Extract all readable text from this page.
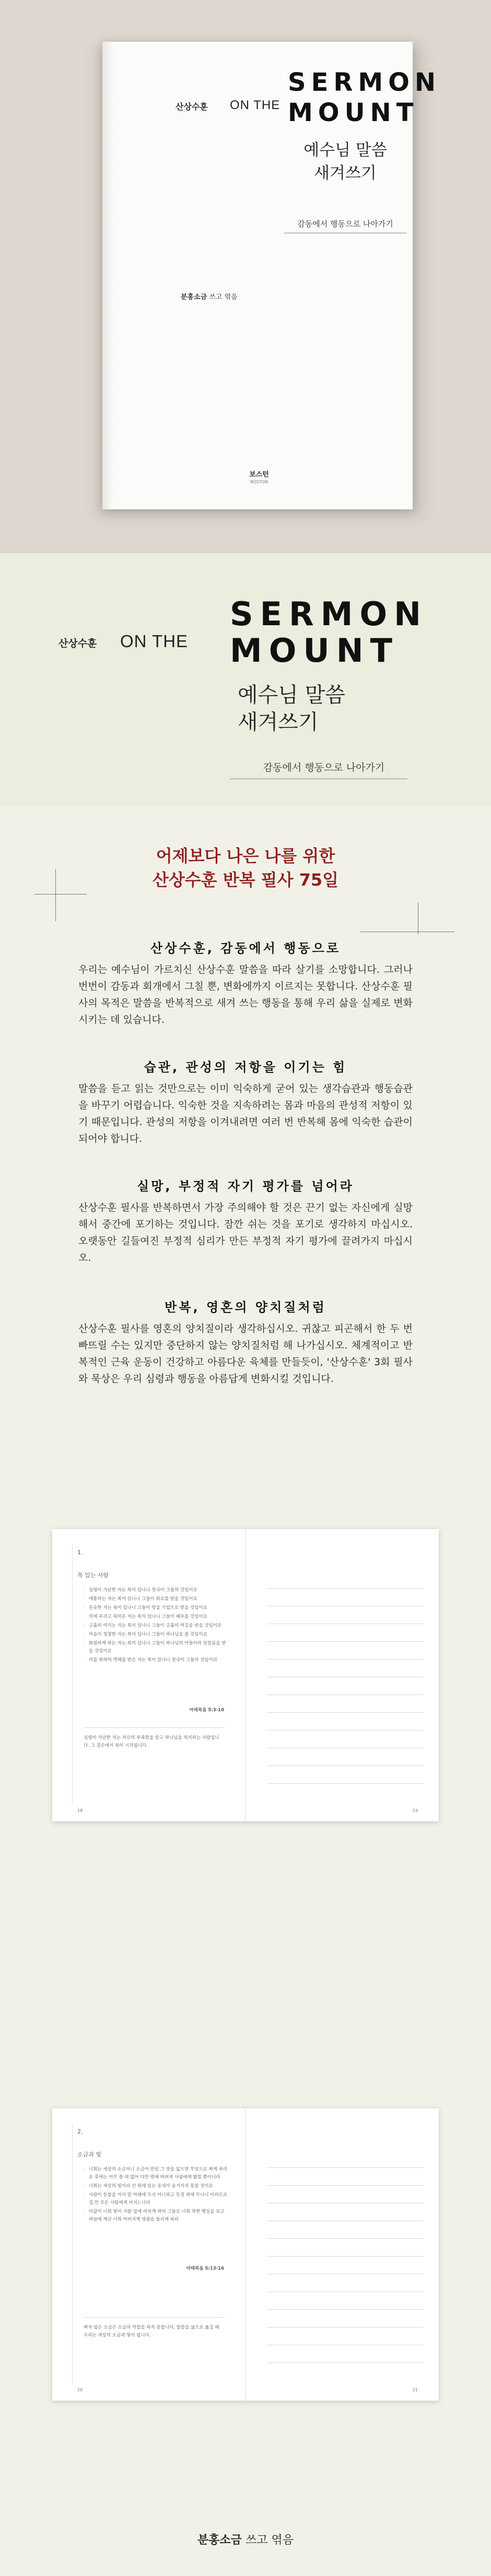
산상수훈 ON THE
SERMON
MOUNT
예수님 말씀
새겨쓰기
감동에서 행동으로 나아가기
분홍소금 쓰고 엮음
보스턴
BOSTON
산상수훈 ON THE
SERMON
MOUNT
예수님 말씀
새겨쓰기
감동에서 행동으로 나아가기
어제보다 나은 나를 위한
산상수훈 반복 필사 75일
산상수훈, 감동에서 행동으로

우리는 예수님이 가르치신 산상수훈 말씀을 따라 살기를 소망합니다. 그러나 번번이 감동과 회개에서 그칠 뿐, 변화에까지 이르지는 못합니다. 산상수훈 필사의 목적은 말씀을 반복적으로 새겨 쓰는 행동을 통해 우리 삶을 실제로 변화시키는 데 있습니다.

습관, 관성의 저항을 이기는 힘

말씀을 듣고 읽는 것만으로는 이미 익숙하게 굳어 있는 생각습관과 행동습관을 바꾸기 어렵습니다. 익숙한 것을 지속하려는 몸과 마음의 관성적 저항이 있기 때문입니다. 관성의 저항을 이겨내려면 여러 번 반복해 몸에 익숙한 습관이 되어야 합니다.

실망, 부정적 자기 평가를 넘어라

산상수훈 필사를 반복하면서 가장 주의해야 할 것은 끈기 없는 자신에게 실망해서 중간에 포기하는 것입니다. 잠깐 쉬는 것을 포기로 생각하지 마십시오. 오랫동안 길들여진 부정적 심리가 만든 부정적 자기 평가에 끌려가지 마십시오.

반복, 영혼의 양치질처럼

산상수훈 필사를 영혼의 양치질이라 생각하십시오. 귀찮고 피곤해서 한 두 번 빠뜨릴 수는 있지만 중단하지 않는 양치질처럼 해 나가십시오. 체계적이고 반복적인 근육 운동이 건강하고 아름다운 육체를 만들듯이, '산상수훈' 3회 필사와 묵상은 우리 심령과 행동을 아름답게 변화시킬 것입니다.

1.
복 있는 사람
· 심령이 가난한 자는 복이 있나니 천국이 그들의 것임이요
· 애통하는 자는 복이 있나니 그들이 위로를 받을 것임이요
· 온유한 자는 복이 있나니 그들이 땅을 기업으로 받을 것임이요
· 의에 주리고 목마른 자는 복이 있나니 그들이 배부를 것임이요
· 긍휼히 여기는 자는 복이 있나니 그들이 긍휼히 여김을 받을 것임이요
· 마음이 청결한 자는 복이 있나니 그들이 하나님을 볼 것임이요
· 화평하게 하는 자는 복이 있나니 그들이 하나님의 아들이라 일컬음을 받을 것임이요
· 의를 위하여 박해를 받은 자는 복이 있나니 천국이 그들의 것임이라
마태복음 5:3-10
심령이 가난한 자는 자신의 부족함을 알고 하나님을 의지하는 사람입니다. 그 겸손에서 복이 시작됩니다.
18	19
2.
소금과 빛
· 너희는 세상의 소금이니 소금이 만일 그 맛을 잃으면 무엇으로 짜게 하리요 후에는 아무 쓸 데 없어 다만 밖에 버려져 사람에게 밟힐 뿐이니라
· 너희는 세상의 빛이라 산 위에 있는 동네가 숨겨지지 못할 것이요
· 사람이 등불을 켜서 말 아래에 두지 아니하고 등경 위에 두나니 이러므로 집 안 모든 사람에게 비치느니라
· 이같이 너희 빛이 사람 앞에 비치게 하여 그들로 너희 착한 행실을 보고 하늘에 계신 너희 아버지께 영광을 돌리게 하라
마태복음 5:13-16
짜지 않은 소금은 소금의 역할을 하지 못합니다. 말씀을 삶으로 옮길 때 우리는 세상의 소금과 빛이 됩니다.
20	21
분홍소금 쓰고 엮음
